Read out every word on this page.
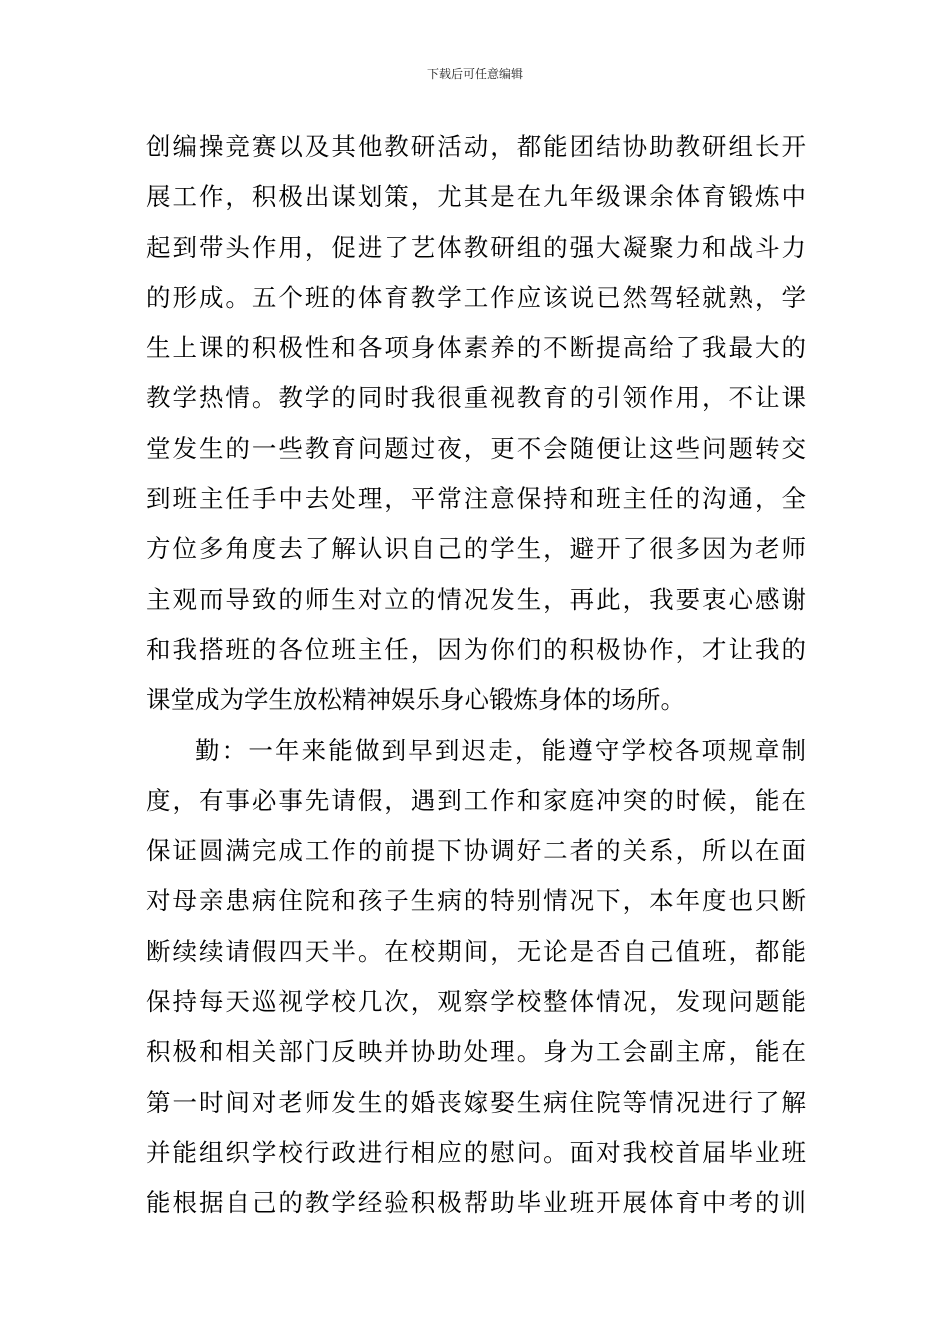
下载后可任意编辑
创编操竞赛以及其他教研活动，都能团结协助教研组长开
展工作，积极出谋划策，尤其是在九年级课余体育锻炼中
起到带头作用，促进了艺体教研组的强大凝聚力和战斗力
的形成。五个班的体育教学工作应该说已然驾轻就熟，学
生上课的积极性和各项身体素养的不断提高给了我最大的
教学热情。教学的同时我很重视教育的引领作用，不让课
堂发生的一些教育问题过夜，更不会随便让这些问题转交
到班主任手中去处理，平常注意保持和班主任的沟通，全
方位多角度去了解认识自己的学生，避开了很多因为老师
主观而导致的师生对立的情况发生，再此，我要衷心感谢
和我搭班的各位班主任，因为你们的积极协作，才让我的
课堂成为学生放松精神娱乐身心锻炼身体的场所。
勤：一年来能做到早到迟走，能遵守学校各项规章制
度，有事必事先请假，遇到工作和家庭冲突的时候，能在
保证圆满完成工作的前提下协调好二者的关系，所以在面
对母亲患病住院和孩子生病的特别情况下，本年度也只断
断续续请假四天半。在校期间，无论是否自己值班，都能
保持每天巡视学校几次，观察学校整体情况，发现问题能
积极和相关部门反映并协助处理。身为工会副主席，能在
第一时间对老师发生的婚丧嫁娶生病住院等情况进行了解
并能组织学校行政进行相应的慰问。面对我校首届毕业班
能根据自己的教学经验积极帮助毕业班开展体育中考的训
